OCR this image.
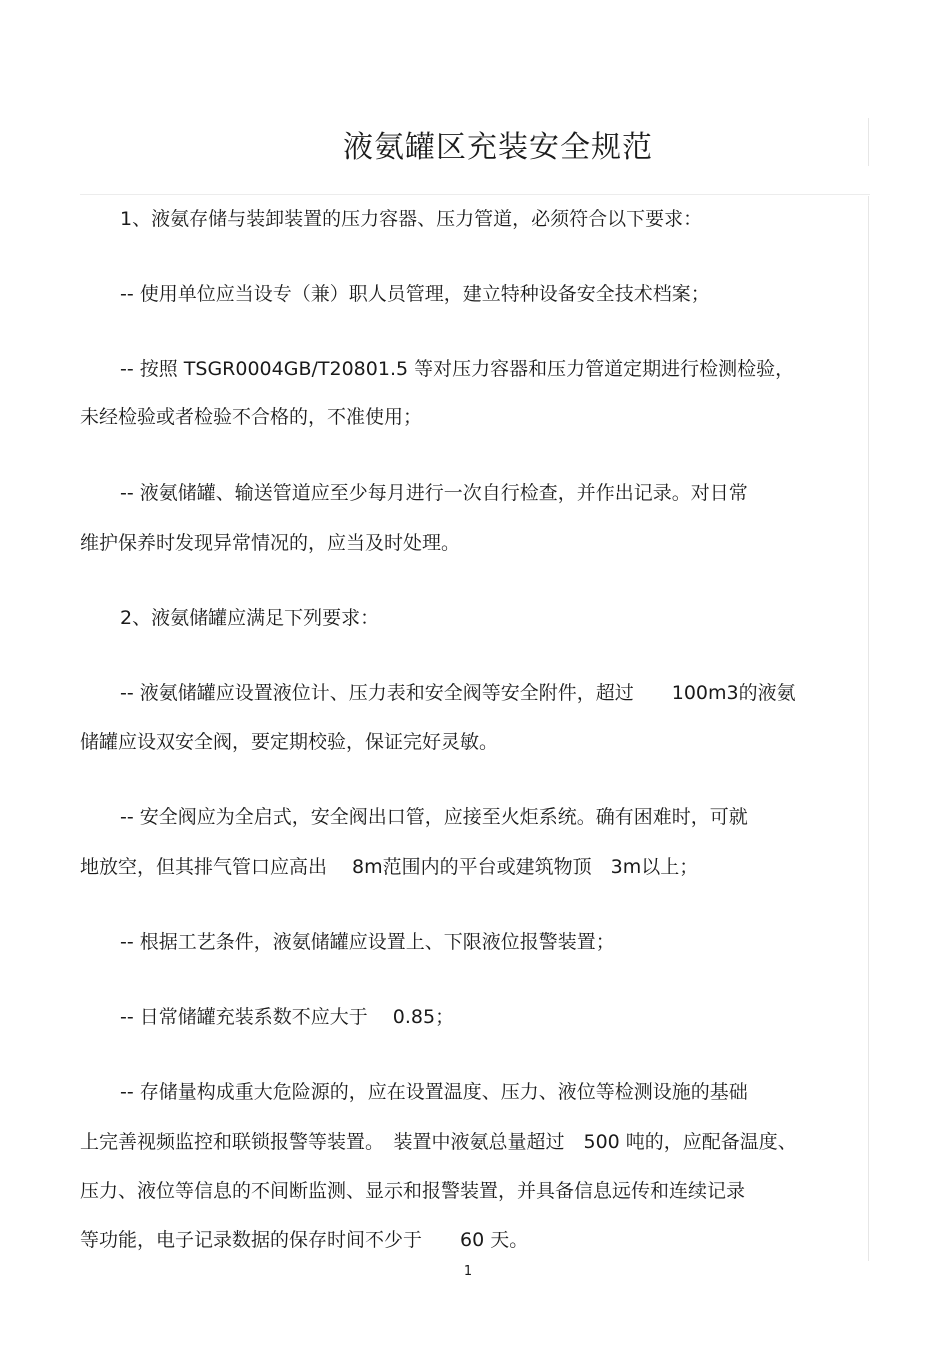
液氨罐区充装安全规范
1、液氨存储与装卸装置的压力容器、压力管道，必须符合以下要求：
-- 使用单位应当设专（兼）职人员管理，建立特种设备安全技术档案；
-- 按照 TSGR0004GB/T20801.5 等对压力容器和压力管道定期进行检测检验，
未经检验或者检验不合格的，不准使用；
-- 液氨储罐、输送管道应至少每月进行一次自行检查，并作出记录。对日常
维护保养时发现异常情况的，应当及时处理。
2、液氨储罐应满足下列要求：
-- 液氨储罐应设置液位计、压力表和安全阀等安全附件，超过　　100m3的液氨
储罐应设双安全阀，要定期校验，保证完好灵敏。
-- 安全阀应为全启式，安全阀出口管，应接至火炬系统。确有困难时，可就
地放空，但其排气管口应高出　 8m范围内的平台或建筑物顶　3m以上；
-- 根据工艺条件，液氨储罐应设置上、下限液位报警装置；
-- 日常储罐充装系数不应大于　 0.85；
-- 存储量构成重大危险源的，应在设置温度、压力、液位等检测设施的基础
上完善视频监控和联锁报警等装置。　装置中液氨总量超过　500 吨的，应配备温度、
压力、液位等信息的不间断监测、显示和报警装置，并具备信息远传和连续记录
等功能，电子记录数据的保存时间不少于　　60 天。
1
